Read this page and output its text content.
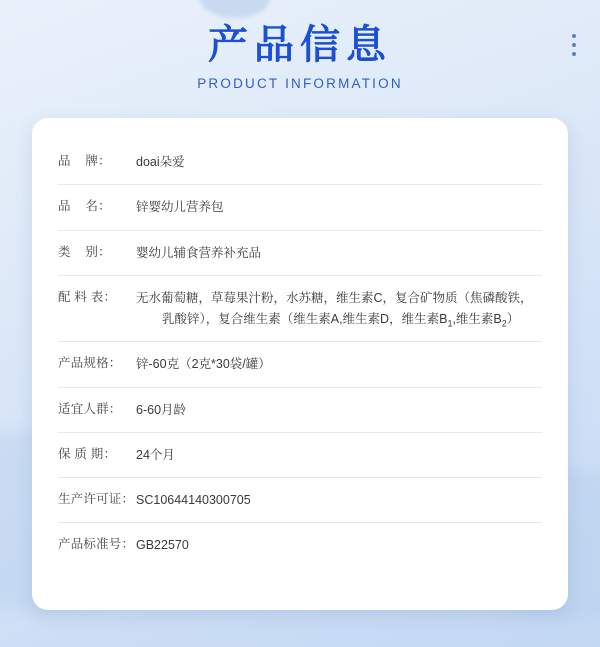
产品信息
PRODUCT INFORMATION
品    牌：	doai朵爱
品    名：	锌婴幼儿营养包
类    别：	婴幼儿辅食营养补充品
配 料 表：	无水葡萄糖，草莓果汁粉，水苏糖，维生素C，复合矿物质（焦磷酸铁，
乳酸锌），复合维生素（维生素A,维生素D，维生素$B_1$,维生素$B_2$）
产品规格：	锌-60克（2克*30袋/罐）
适宜人群：	6-60月龄
保 质 期：	24个月
生产许可证： SC10644140300705
产品标准号： GB22570
